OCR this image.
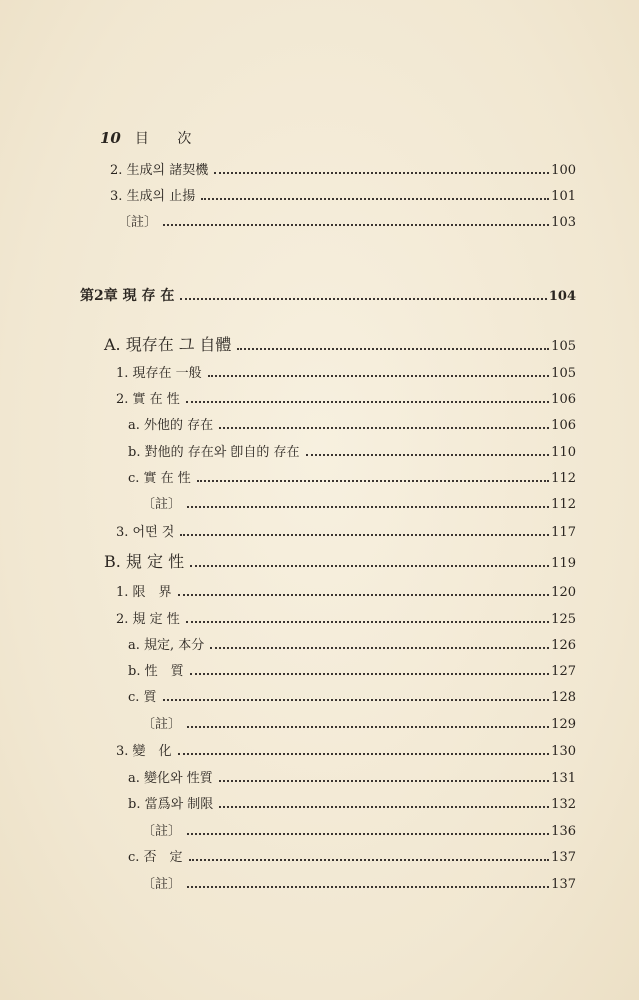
10 目 次
2. 生成의 諸契機	100
3. 生成의 止揚	101
〔註〕	103
第2章 現 存 在	104
A. 現存在 그 自體	105
1. 現存在 一般	105
2. 實 在 性	106
a. 外他的 存在	106
b. 對他的 存在와 卽自的 存在	110
c. 實 在 性	112
〔註〕	112
3. 어떤 것	117
B. 規 定 性	119
1. 限　界	120
2. 規 定 性	125
a. 規定, 本分	126
b. 性　質	127
c. 質	128
〔註〕	129
3. 變　化	130
a. 變化와 性質	131
b. 當爲와 制限	132
〔註〕	136
c. 否　定	137
〔註〕	137
